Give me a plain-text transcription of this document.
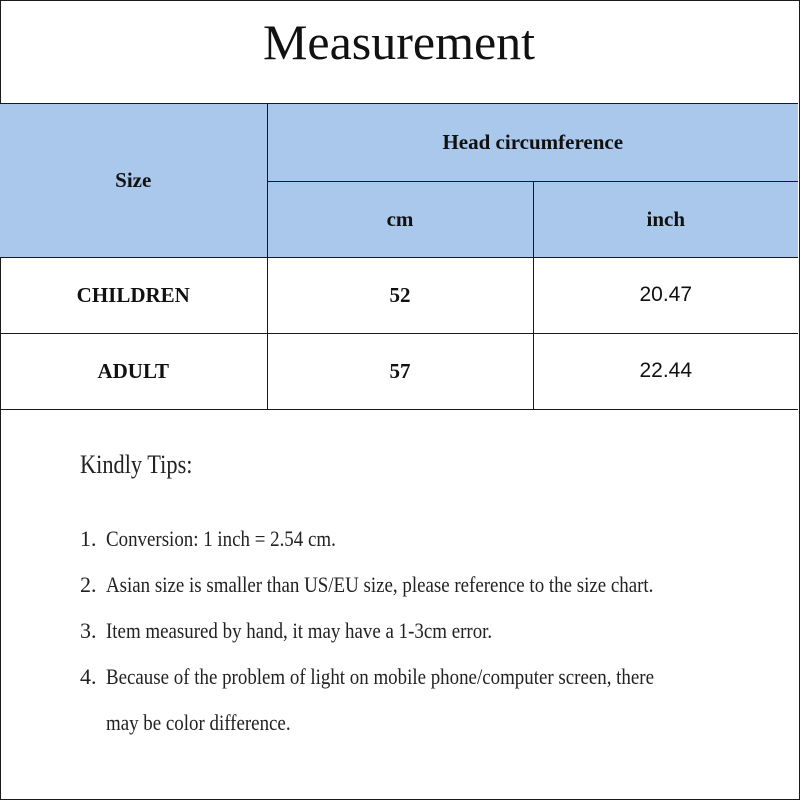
Measurement
Size	Head circumference	
	cm	inch
CHILDREN	52	20.47
ADULT	57	22.44
Kindly Tips:
1. Conversion: 1 inch = 2.54 cm.
2. Asian size is smaller than US/EU size, please reference to the size chart.
3. Item measured by hand, it may have a 1-3cm error.
4. Because of the problem of light on mobile phone/computer screen, there may be color difference.
